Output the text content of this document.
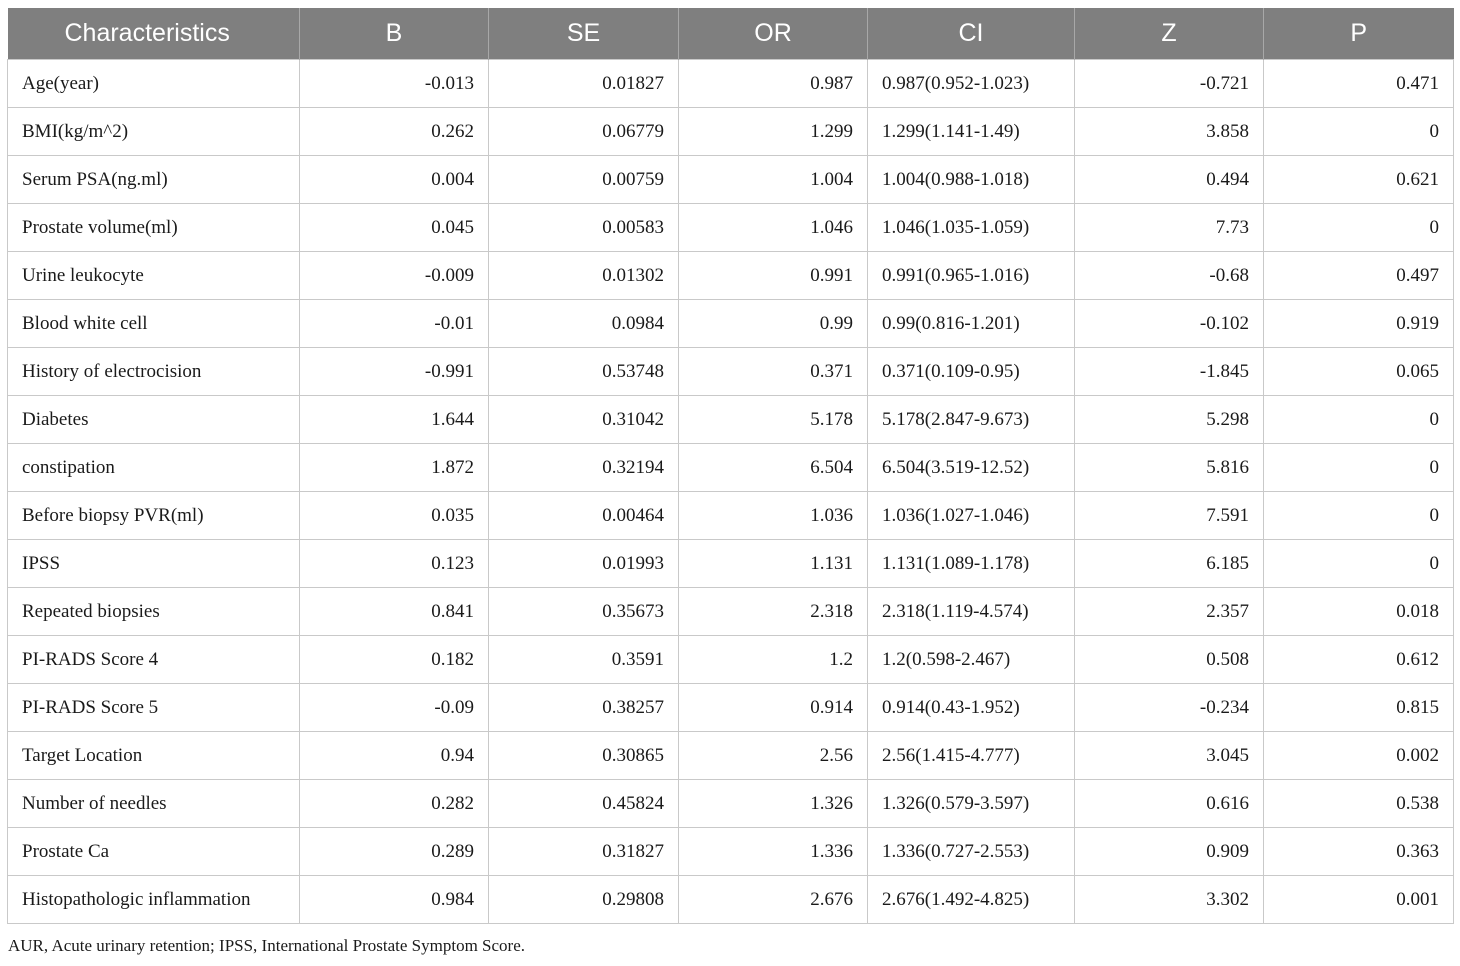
Characteristics	B	SE	OR	CI	Z	P
Age(year)	-0.013	0.01827	0.987	0.987(0.952-1.023)	-0.721	0.471
BMI(kg/m^2)	0.262	0.06779	1.299	1.299(1.141-1.49)	3.858	0
Serum PSA(ng.ml)	0.004	0.00759	1.004	1.004(0.988-1.018)	0.494	0.621
Prostate volume(ml)	0.045	0.00583	1.046	1.046(1.035-1.059)	7.73	0
Urine leukocyte	-0.009	0.01302	0.991	0.991(0.965-1.016)	-0.68	0.497
Blood white cell	-0.01	0.0984	0.99	0.99(0.816-1.201)	-0.102	0.919
History of electrocision	-0.991	0.53748	0.371	0.371(0.109-0.95)	-1.845	0.065
Diabetes	1.644	0.31042	5.178	5.178(2.847-9.673)	5.298	0
constipation	1.872	0.32194	6.504	6.504(3.519-12.52)	5.816	0
Before biopsy PVR(ml)	0.035	0.00464	1.036	1.036(1.027-1.046)	7.591	0
IPSS	0.123	0.01993	1.131	1.131(1.089-1.178)	6.185	0
Repeated biopsies	0.841	0.35673	2.318	2.318(1.119-4.574)	2.357	0.018
PI-RADS Score 4	0.182	0.3591	1.2	1.2(0.598-2.467)	0.508	0.612
PI-RADS Score 5	-0.09	0.38257	0.914	0.914(0.43-1.952)	-0.234	0.815
Target Location	0.94	0.30865	2.56	2.56(1.415-4.777)	3.045	0.002
Number of needles	0.282	0.45824	1.326	1.326(0.579-3.597)	0.616	0.538
Prostate Ca	0.289	0.31827	1.336	1.336(0.727-2.553)	0.909	0.363
Histopathologic inflammation	0.984	0.29808	2.676	2.676(1.492-4.825)	3.302	0.001
AUR, Acute urinary retention; IPSS, International Prostate Symptom Score.
